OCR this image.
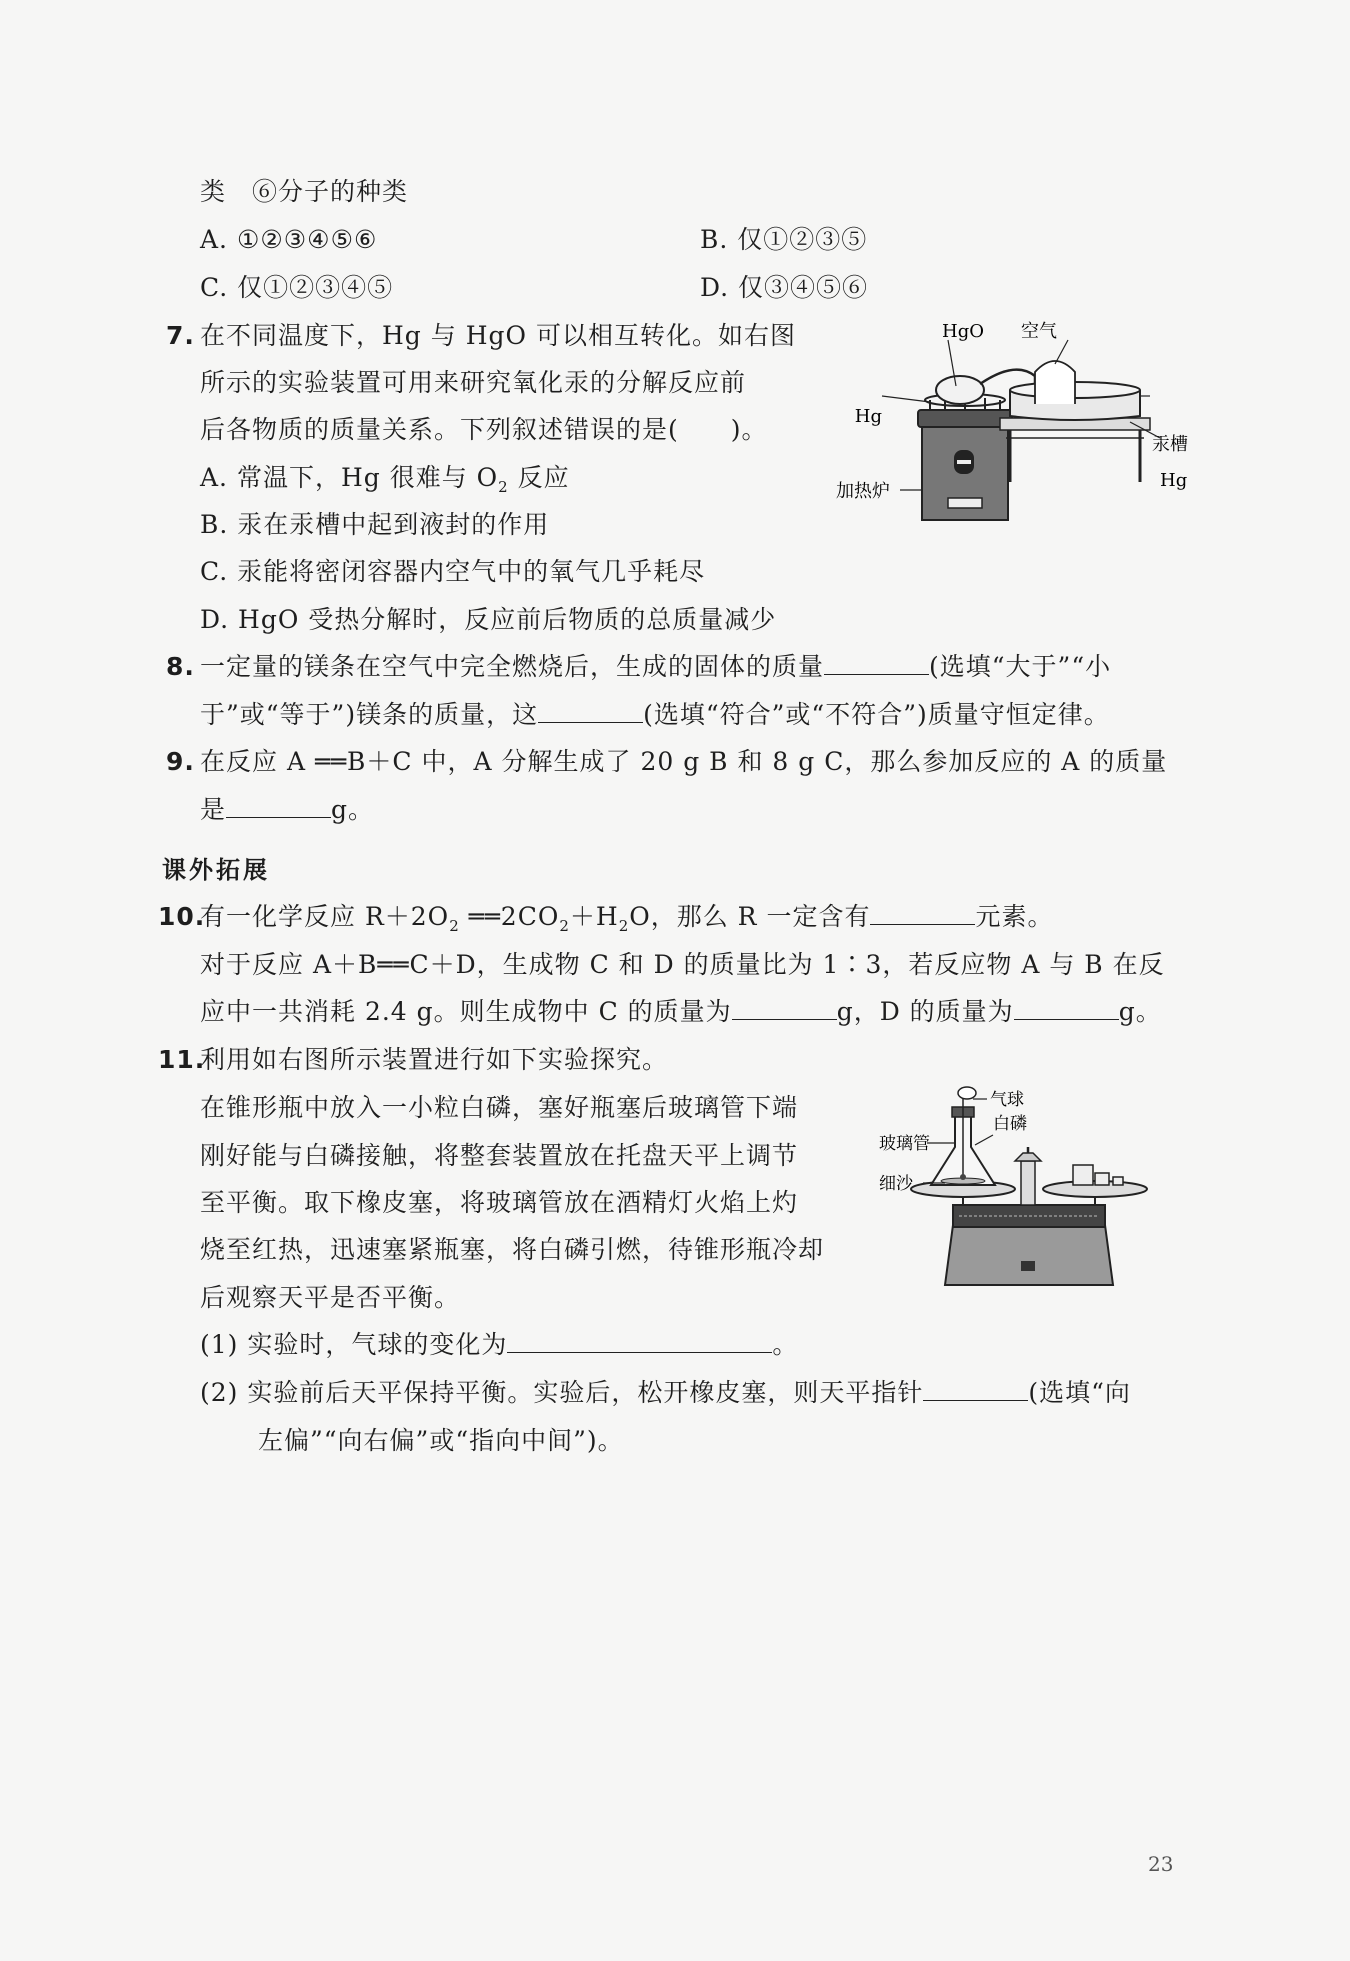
类　⑥分子的种类
A. ①②③④⑤⑥	B. 仅①②③⑤
C. 仅①②③④⑤	D. 仅③④⑤⑥
7. 在不同温度下，Hg 与 HgO 可以相互转化。如右图
所示的实验装置可用来研究氧化汞的分解反应前
后各物质的质量关系。下列叙述错误的是(　　)。
A. 常温下，Hg 很难与 $O_2$ 反应
B. 汞在汞槽中起到液封的作用
C. 汞能将密闭容器内空气中的氧气几乎耗尽
D. HgO 受热分解时，反应前后物质的总质量减少
HgO 空气
Hg
汞槽
Hg
加热炉
8. 一定量的镁条在空气中完全燃烧后，生成的固体的质量	(选填“大于”“小
于”或“等于”)镁条的质量，这	(选填“符合”或“不符合”)质量守恒定律。
9. 在反应 A ══B＋C 中，A 分解生成了 20 g B 和 8 g C，那么参加反应的 A 的质量
是	g。
课外拓展
10.
有一化学反应 $R+2O_2$ $══2CO_2+H_2O$，那么 R 一定含有	元素。
对于反应 A＋B══C＋D，生成物 C 和 D 的质量比为 1∶3，若反应物 A 与 B 在反
应中一共消耗 2.4 g。则生成物中 C 的质量为	g，D 的质量为	g。
11.
利用如右图所示装置进行如下实验探究。
在锥形瓶中放入一小粒白磷，塞好瓶塞后玻璃管下端
刚好能与白磷接触，将整套装置放在托盘天平上调节
至平衡。取下橡皮塞，将玻璃管放在酒精灯火焰上灼
烧至红热，迅速塞紧瓶塞，将白磷引燃，待锥形瓶冷却
后观察天平是否平衡。
(1) 实验时，气球的变化为	。
(2) 实验前后天平保持平衡。实验后，松开橡皮塞，则天平指针	(选填“向
左偏”“向右偏”或“指向中间”)。
气球
白磷
玻璃管
细沙
23
